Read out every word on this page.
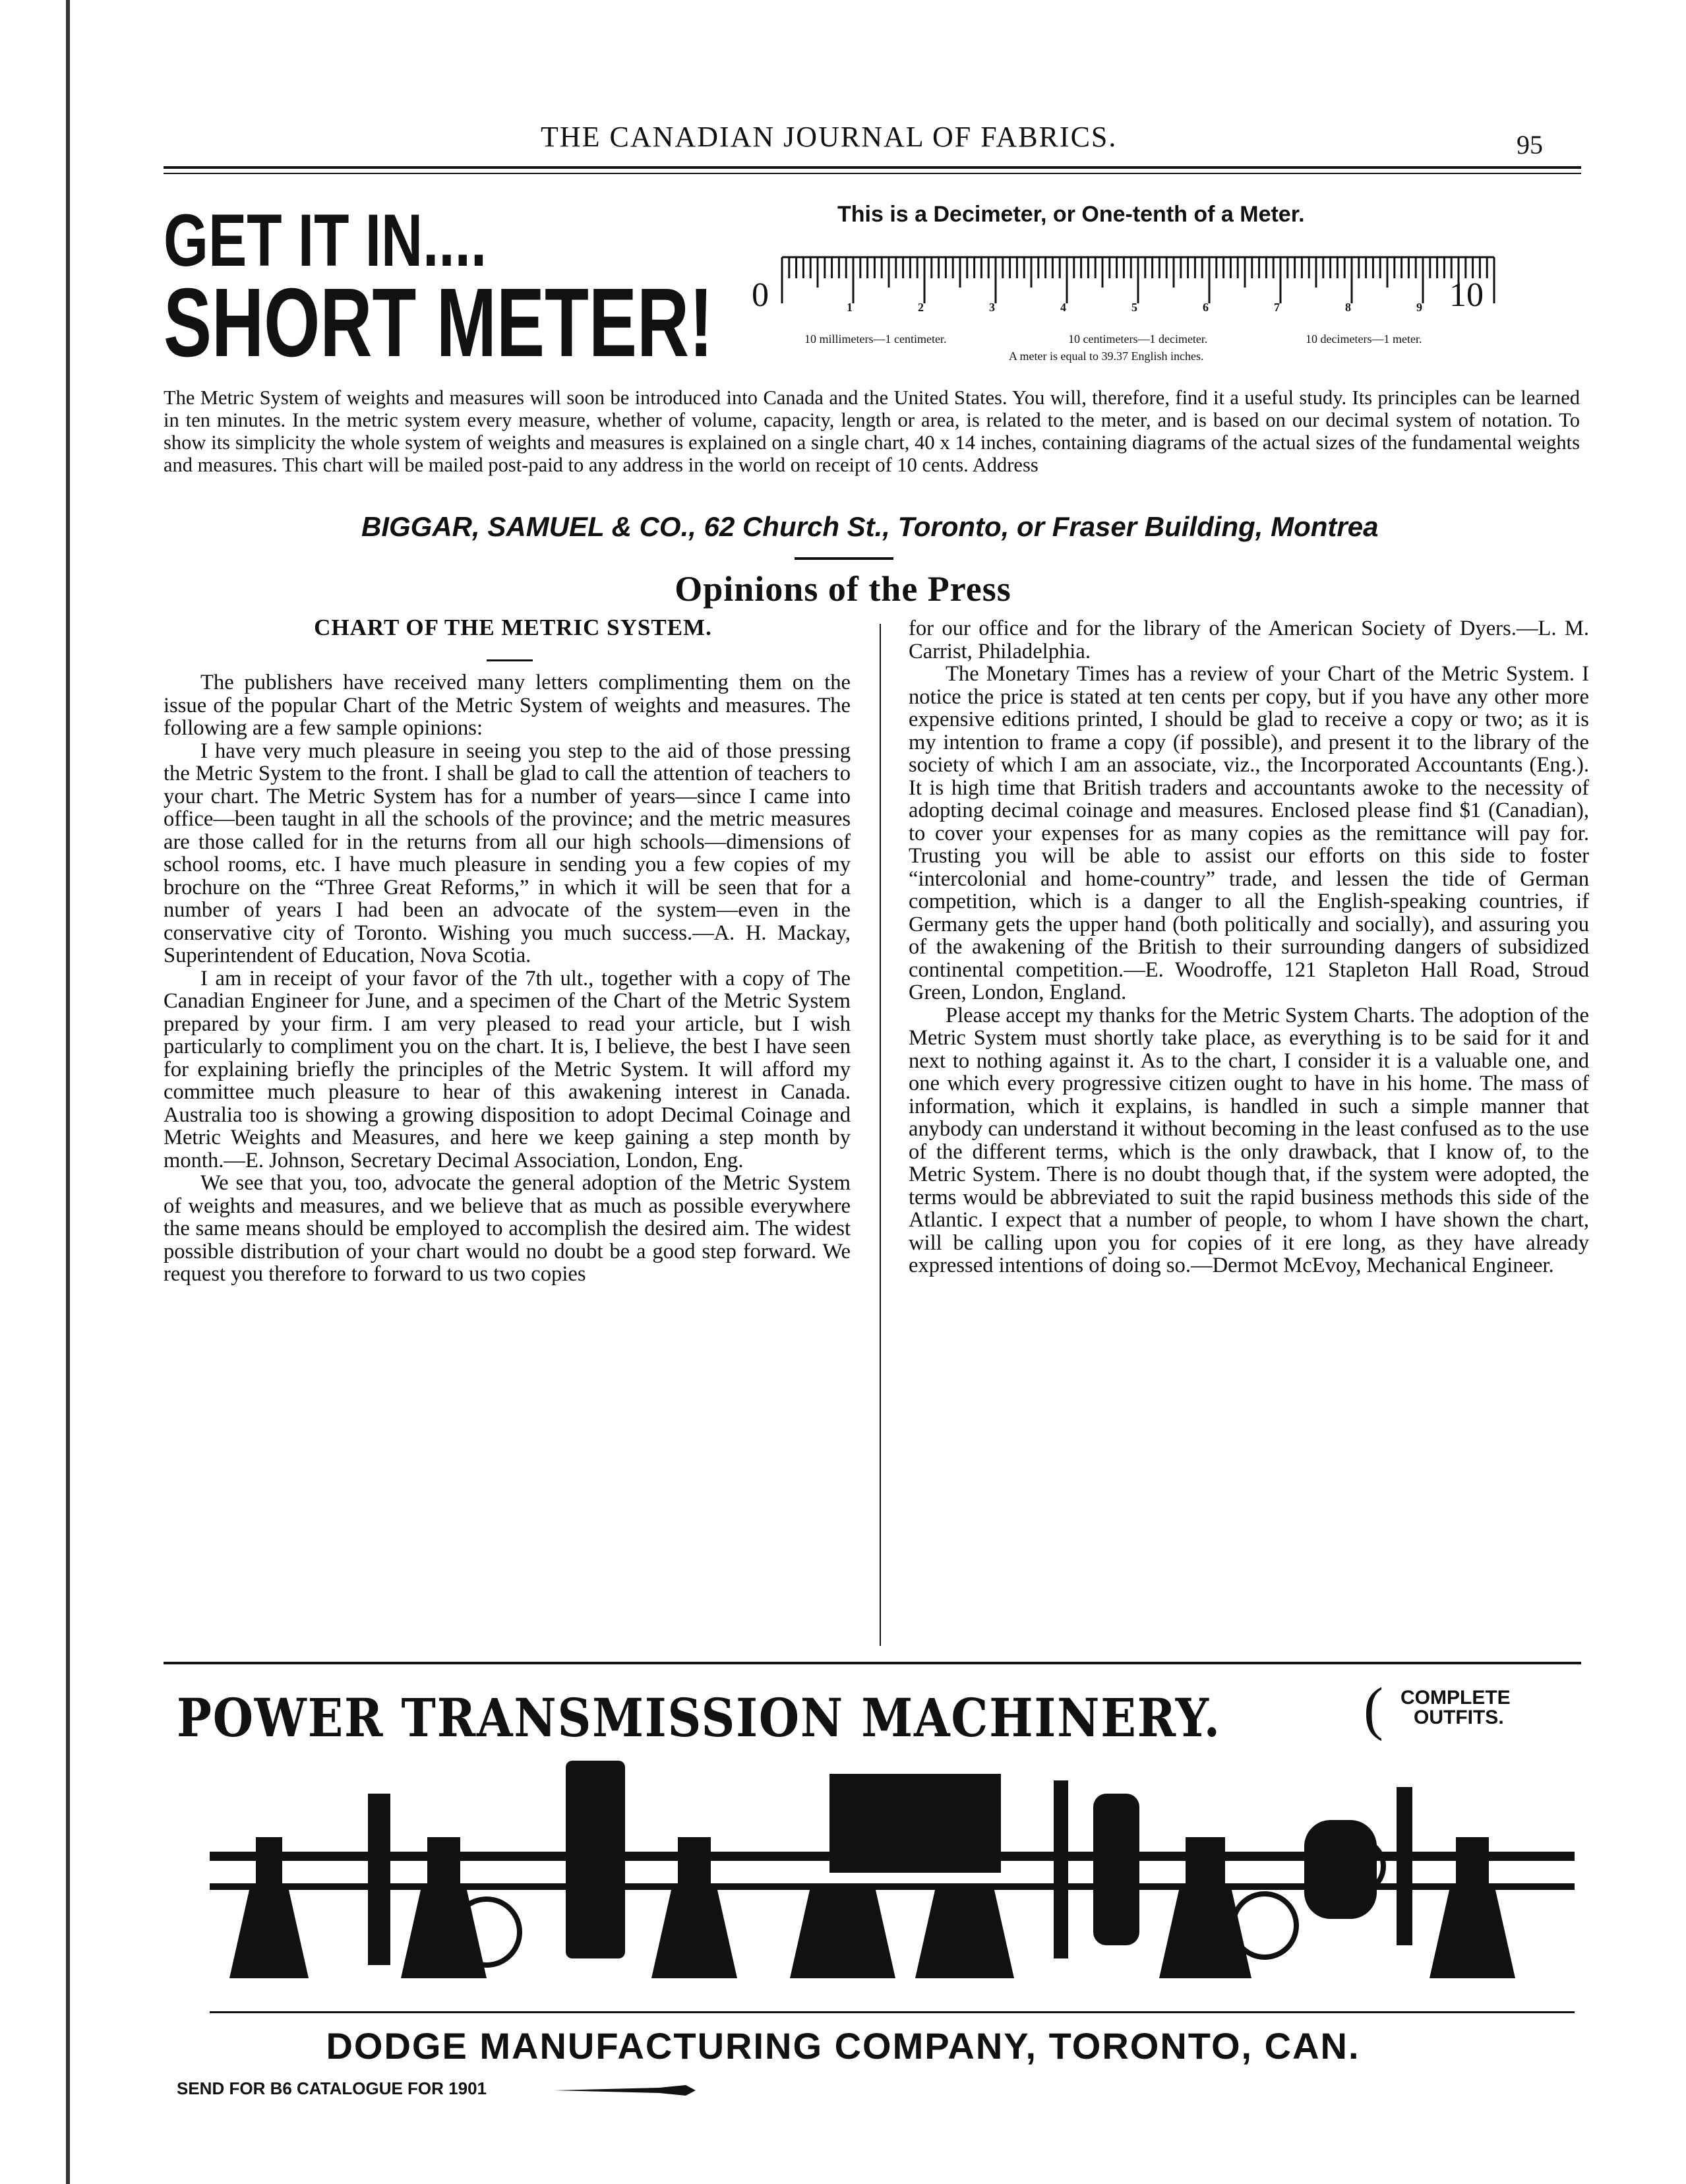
THE CANADIAN JOURNAL OF FABRICS.	95
GET IT IN....
SHORT METER!
This is a Decimeter, or One-tenth of a Meter.
0	1	2	3	4	5	6	7	8	9 10
10 millimeters—1 centimeter.	10 centimeters—1 decimeter.	10 decimeters—1 meter.
A meter is equal to 39.37 English inches.
The Metric System of weights and measures will soon be introduced into Canada and the United States. You will, therefore, find it a useful study. Its principles can be learned in ten minutes. In the metric system every measure, whether of volume, capacity, length or area, is related to the meter, and is based on our decimal system of notation. To show its simplicity the whole system of weights and measures is explained on a single chart, 40 x 14 inches, containing diagrams of the actual sizes of the fundamental weights and measures. This chart will be mailed post-paid to any address in the world on receipt of 10 cents. Address
BIGGAR, SAMUEL & CO., 62 Church St., Toronto, or Fraser Building, Montrea
Opinions of the Press
CHART OF THE METRIC SYSTEM.

The publishers have received many letters complimenting them on the issue of the popular Chart of the Metric System of weights and measures. The following are a few sample opinions:

I have very much pleasure in seeing you step to the aid of those pressing the Metric System to the front. I shall be glad to call the attention of teachers to your chart. The Metric System has for a number of years—since I came into office—been taught in all the schools of the province; and the metric measures are those called for in the returns from all our high schools—dimensions of school rooms, etc. I have much pleasure in sending you a few copies of my brochure on the “Three Great Reforms,” in which it will be seen that for a number of years I had been an advocate of the system—even in the conservative city of Toronto. Wishing you much success.—A. H. Mackay, Superintendent of Education, Nova Scotia.

I am in receipt of your favor of the 7th ult., together with a copy of The Canadian Engineer for June, and a specimen of the Chart of the Metric System prepared by your firm. I am very pleased to read your article, but I wish particularly to compliment you on the chart. It is, I believe, the best I have seen for explaining briefly the principles of the Metric System. It will afford my committee much pleasure to hear of this awakening interest in Canada. Australia too is showing a growing disposition to adopt Decimal Coinage and Metric Weights and Measures, and here we keep gaining a step month by month.—E. Johnson, Secretary Decimal Association, London, Eng.

We see that you, too, advocate the general adoption of the Metric System of weights and measures, and we believe that as much as possible everywhere the same means should be employed to accomplish the desired aim. The widest possible distribution of your chart would no doubt be a good step forward. We request you therefore to forward to us two copies

for our office and for the library of the American Society of Dyers.—L. M. Carrist, Philadelphia.

The Monetary Times has a review of your Chart of the Metric System. I notice the price is stated at ten cents per copy, but if you have any other more expensive editions printed, I should be glad to receive a copy or two; as it is my intention to frame a copy (if possible), and present it to the library of the society of which I am an associate, viz., the Incorporated Accountants (Eng.). It is high time that British traders and accountants awoke to the necessity of adopting decimal coinage and measures. Enclosed please find $1 (Canadian), to cover your expenses for as many copies as the remittance will pay for. Trusting you will be able to assist our efforts on this side to foster “intercolonial and home-country” trade, and lessen the tide of German competition, which is a danger to all the English-speaking countries, if Germany gets the upper hand (both politically and socially), and assuring you of the awakening of the British to their surrounding dangers of subsidized continental competition.—E. Woodroffe, 121 Stapleton Hall Road, Stroud Green, London, England.

Please accept my thanks for the Metric System Charts. The adoption of the Metric System must shortly take place, as everything is to be said for it and next to nothing against it. As to the chart, I consider it is a valuable one, and one which every progressive citizen ought to have in his home. The mass of information, which it explains, is handled in such a simple manner that anybody can understand it without becoming in the least confused as to the use of the different terms, which is the only drawback, that I know of, to the Metric System. There is no doubt though that, if the system were adopted, the terms would be abbreviated to suit the rapid business methods this side of the Atlantic. I expect that a number of people, to whom I have shown the chart, will be calling upon you for copies of it ere long, as they have already expressed intentions of doing so.—Dermot McEvoy, Mechanical Engineer.

POWER TRANSMISSION MACHINERY. ( COMPLETE
OUTFITS.
DODGE MANUFACTURING COMPANY, TORONTO, CAN.
SEND FOR B6 CATALOGUE FOR 1901
